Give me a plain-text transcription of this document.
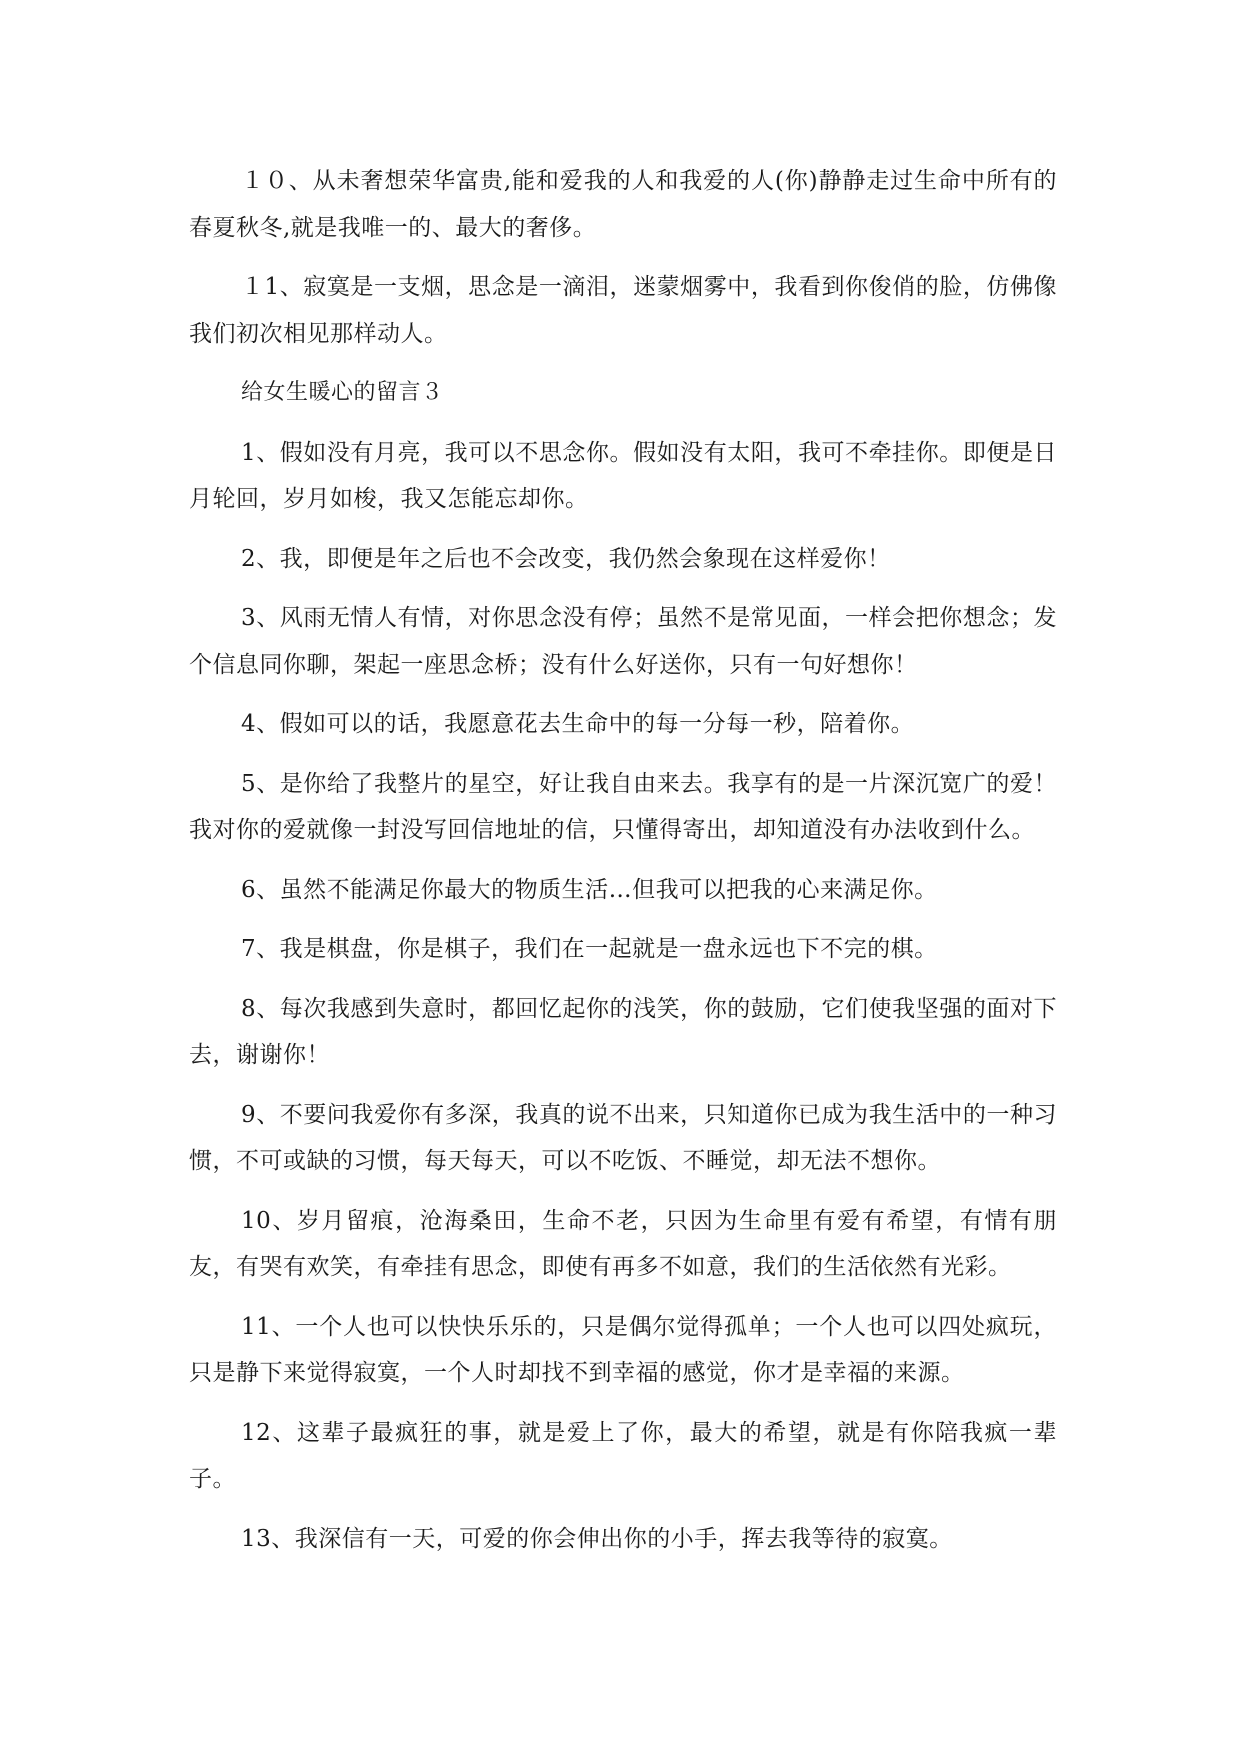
１０、从未奢想荣华富贵,能和爱我的人和我爱的人(你)静静走过生命中所有的春夏秋冬,就是我唯一的、最大的奢侈。

１1、寂寞是一支烟，思念是一滴泪，迷蒙烟雾中，我看到你俊俏的脸，仿佛像我们初次相见那样动人。

给女生暖心的留言３

1、假如没有月亮，我可以不思念你。假如没有太阳，我可不牵挂你。即便是日月轮回，岁月如梭，我又怎能忘却你。

2、我，即便是年之后也不会改变，我仍然会象现在这样爱你！

3、风雨无情人有情，对你思念没有停；虽然不是常见面，一样会把你想念；发个信息同你聊，架起一座思念桥；没有什么好送你，只有一句好想你！

4、假如可以的话，我愿意花去生命中的每一分每一秒，陪着你。

5、是你给了我整片的星空，好让我自由来去。我享有的是一片深沉宽广的爱！我对你的爱就像一封没写回信地址的信，只懂得寄出，却知道没有办法收到什么。

6、虽然不能满足你最大的物质生活…但我可以把我的心来满足你。

7、我是棋盘，你是棋子，我们在一起就是一盘永远也下不完的棋。

8、每次我感到失意时，都回忆起你的浅笑，你的鼓励，它们使我坚强的面对下去，谢谢你！

9、不要问我爱你有多深，我真的说不出来，只知道你已成为我生活中的一种习惯，不可或缺的习惯，每天每天，可以不吃饭、不睡觉，却无法不想你。

10、岁月留痕，沧海桑田，生命不老，只因为生命里有爱有希望，有情有朋友，有哭有欢笑，有牵挂有思念，即使有再多不如意，我们的生活依然有光彩。

11、一个人也可以快快乐乐的，只是偶尔觉得孤单；一个人也可以四处疯玩，只是静下来觉得寂寞，一个人时却找不到幸福的感觉，你才是幸福的来源。

12、这辈子最疯狂的事，就是爱上了你，最大的希望，就是有你陪我疯一辈子。

13、我深信有一天，可爱的你会伸出你的小手，挥去我等待的寂寞。
